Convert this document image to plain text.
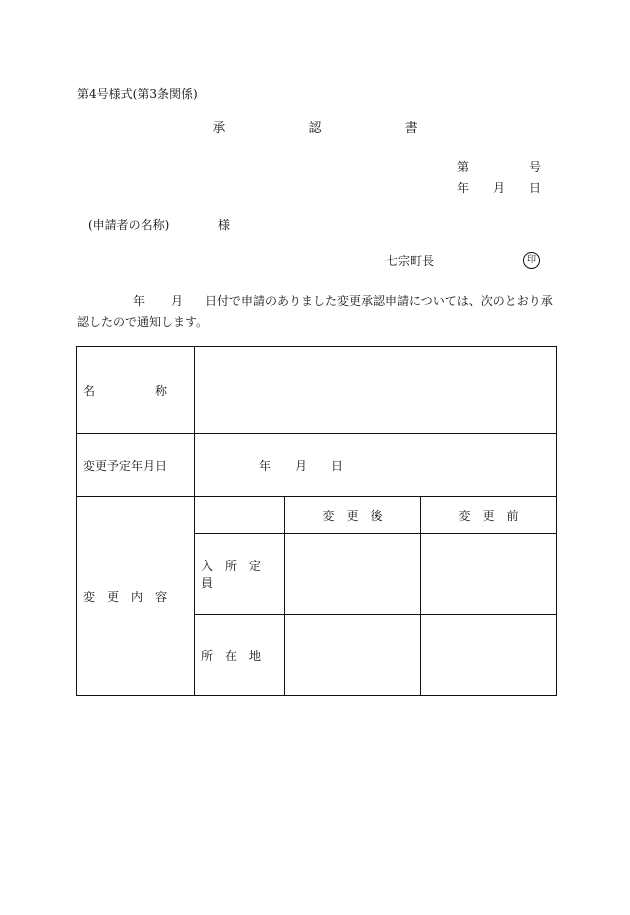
第4号様式(第3条関係)
承	認	書
第	号
年 月 日
(申請者の名称)	様
七宗町長	印
年 月 日付で申請のありました変更承認申請については、次のとおり承認したので通知します。
名　　　　　称			

変更予定年月日	年 月 日		

変　更　内　容		変　更　後	変　更　前

	入　所　定　員		

	所　在　地		
